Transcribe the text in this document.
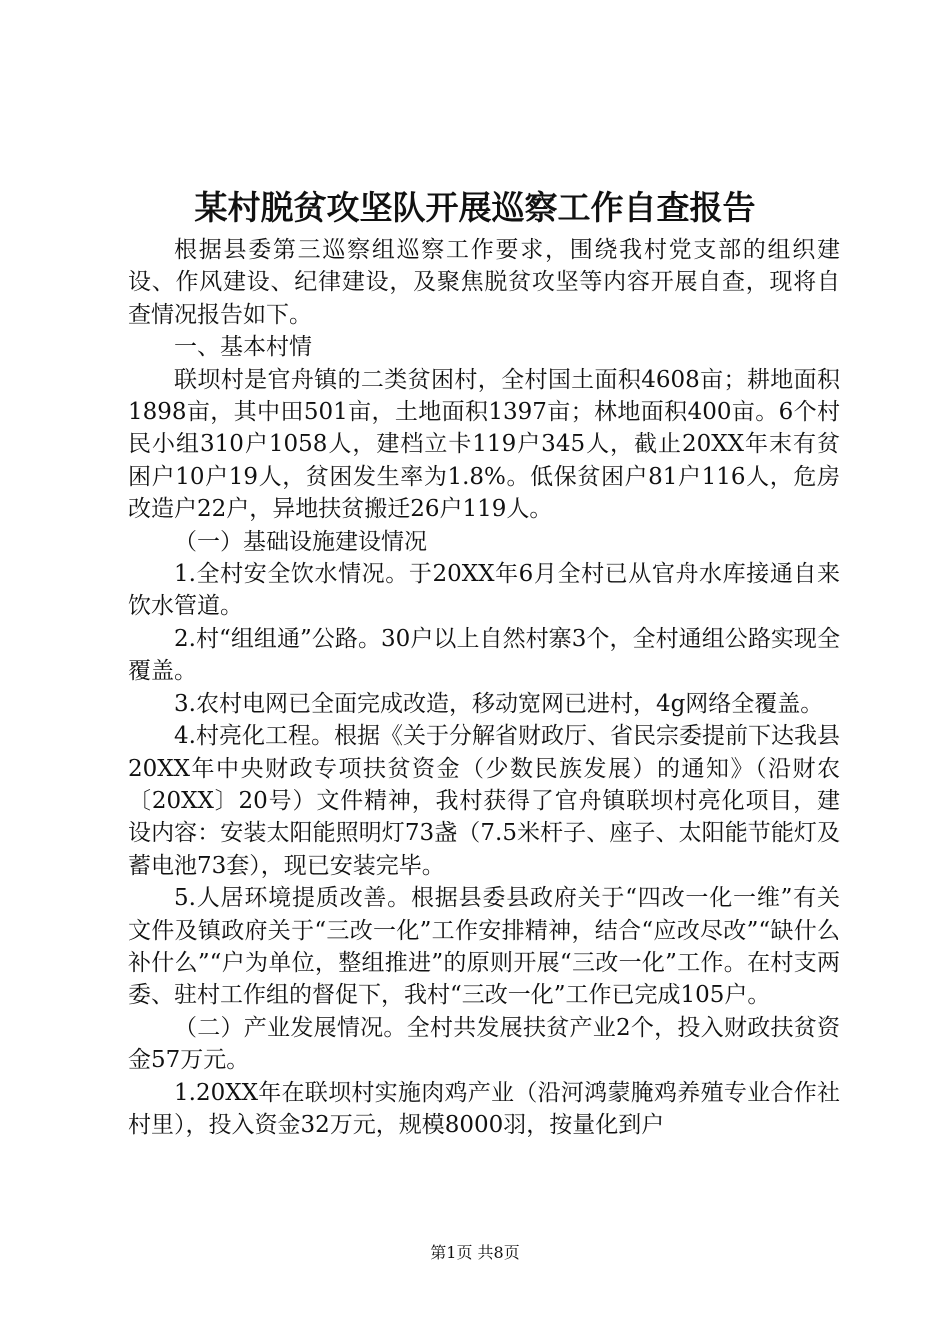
某村脱贫攻坚队开展巡察工作自查报告

根据县委第三巡察组巡察工作要求，围绕我村党支部的组织建设、作风建设、纪律建设，及聚焦脱贫攻坚等内容开展自查，现将自查情况报告如下。

一、基本村情

联坝村是官舟镇的二类贫困村，全村国土面积4608亩；耕地面积1898亩，其中田501亩，土地面积1397亩；林地面积400亩。6个村民小组310户1058人，建档立卡119户345人，截止20XX年末有贫困户10户19人，贫困发生率为1.8%。低保贫困户81户116人，危房改造户22户，异地扶贫搬迁26户119人。

（一）基础设施建设情况

1.全村安全饮水情况。于20XX年6月全村已从官舟水库接通自来饮水管道。

2.村“组组通”公路。30户以上自然村寨3个，全村通组公路实现全覆盖。

3.农村电网已全面完成改造，移动宽网已进村，4g网络全覆盖。

4.村亮化工程。根据《关于分解省财政厅、省民宗委提前下达我县20XX年中央财政专项扶贫资金（少数民族发展）的通知》（沿财农〔20XX〕20号）文件精神，我村获得了官舟镇联坝村亮化项目，建设内容：安装太阳能照明灯73盏（7.5米杆子、座子、太阳能节能灯及蓄电池73套），现已安装完毕。

5.人居环境提质改善。根据县委县政府关于“四改一化一维”有关文件及镇政府关于“三改一化”工作安排精神，结合“应改尽改”“缺什么补什么”“户为单位，整组推进”的原则开展“三改一化”工作。在村支两委、驻村工作组的督促下，我村“三改一化”工作已完成105户。

（二）产业发展情况。全村共发展扶贫产业2个，投入财政扶贫资金57万元。

1.20XX年在联坝村实施肉鸡产业（沿河鸿蒙腌鸡养殖专业合作社村里），投入资金32万元，规模8000羽，按量化到户

第1页 共8页
